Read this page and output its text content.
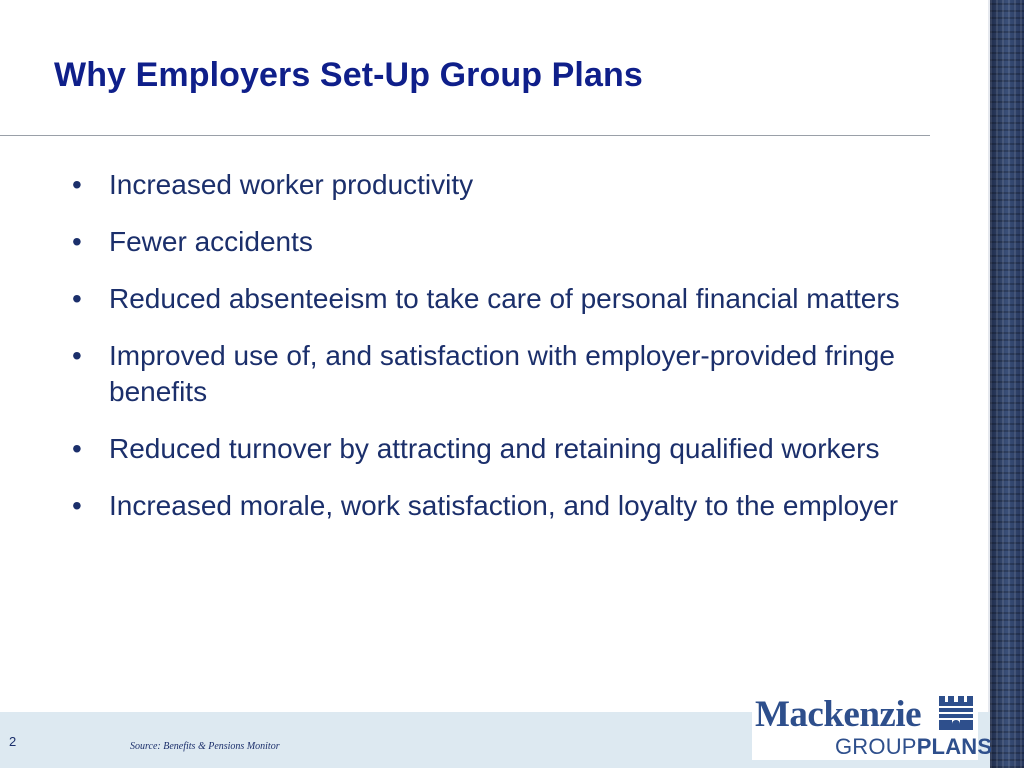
Why Employers Set-Up Group Plans
• Increased worker productivity
• Fewer accidents
• Reduced absenteeism to take care of personal financial matters
• Improved use of, and satisfaction with employer-provided fringe benefits
• Reduced turnover by attracting and retaining qualified workers
• Increased morale, work satisfaction, and loyalty to the employer
2	Source: Benefits & Pensions Monitor
Mackenzie
GROUPPLANS
